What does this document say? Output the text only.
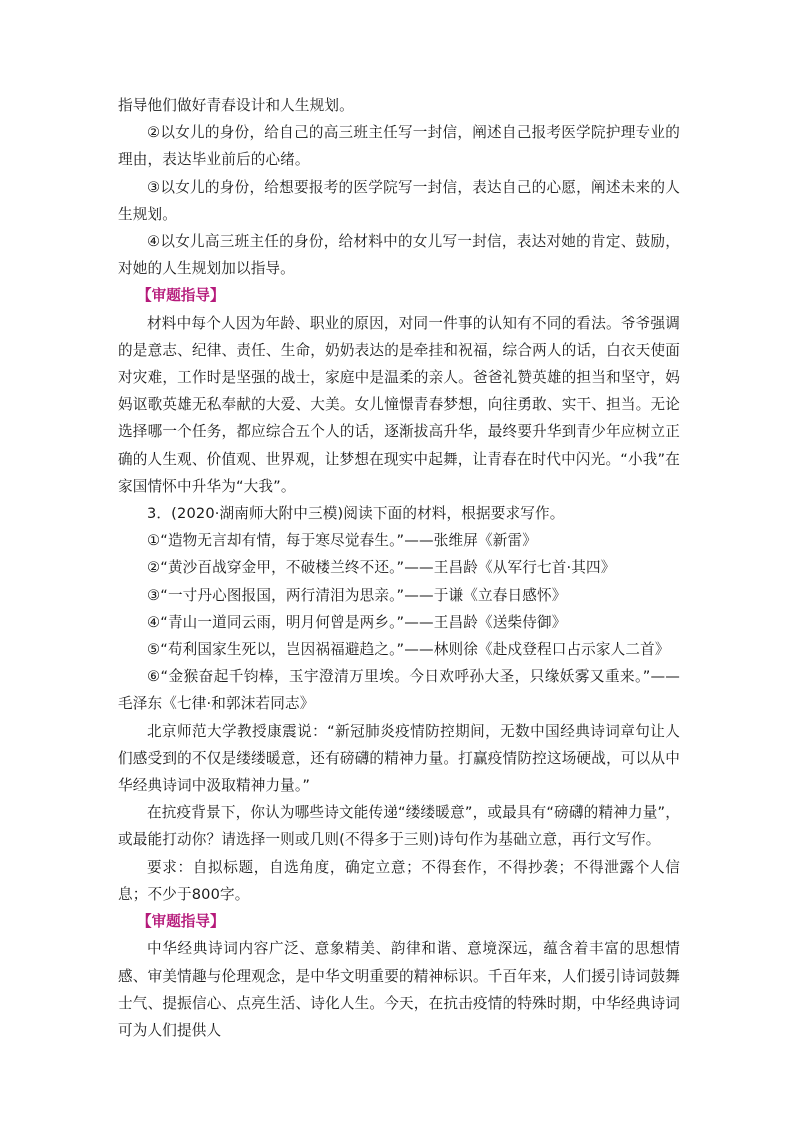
指导他们做好青春设计和人生规划。

②以女儿的身份，给自己的高三班主任写一封信，阐述自己报考医学院护理专业的理由，表达毕业前后的心绪。

③以女儿的身份，给想要报考的医学院写一封信，表达自己的心愿，阐述未来的人生规划。

④以女儿高三班主任的身份，给材料中的女儿写一封信，表达对她的肯定、鼓励，对她的人生规划加以指导。

【审题指导】

材料中每个人因为年龄、职业的原因，对同一件事的认知有不同的看法。爷爷强调的是意志、纪律、责任、生命，奶奶表达的是牵挂和祝福，综合两人的话，白衣天使面对灾难，工作时是坚强的战士，家庭中是温柔的亲人。爸爸礼赞英雄的担当和坚守，妈妈讴歌英雄无私奉献的大爱、大美。女儿憧憬青春梦想，向往勇敢、实干、担当。无论选择哪一个任务，都应综合五个人的话，逐渐拔高升华，最终要升华到青少年应树立正确的人生观、价值观、世界观，让梦想在现实中起舞，让青春在时代中闪光。“小我”在家国情怀中升华为“大我”。

3．(2020·湖南师大附中三模)阅读下面的材料，根据要求写作。

①“造物无言却有情，每于寒尽觉春生。”——张维屏《新雷》

②“黄沙百战穿金甲，不破楼兰终不还。”——王昌龄《从军行七首·其四》

③“一寸丹心图报国，两行清泪为思亲。”——于谦《立春日感怀》

④“青山一道同云雨，明月何曾是两乡。”——王昌龄《送柴侍御》

⑤“苟利国家生死以，岂因祸福避趋之。”——林则徐《赴戍登程口占示家人二首》

⑥“金猴奋起千钧棒，玉宇澄清万里埃。今日欢呼孙大圣，只缘妖雾又重来。”——毛泽东《七律·和郭沫若同志》

北京师范大学教授康震说：“新冠肺炎疫情防控期间，无数中国经典诗词章句让人们感受到的不仅是缕缕暖意，还有磅礴的精神力量。打赢疫情防控这场硬战，可以从中华经典诗词中汲取精神力量。”

在抗疫背景下，你认为哪些诗文能传递“缕缕暖意”，或最具有“磅礴的精神力量”，或最能打动你？请选择一则或几则(不得多于三则)诗句作为基础立意，再行文写作。

要求：自拟标题，自选角度，确定立意；不得套作，不得抄袭；不得泄露个人信息；不少于800字。

【审题指导】

中华经典诗词内容广泛、意象精美、韵律和谐、意境深远，蕴含着丰富的思想情感、审美情趣与伦理观念，是中华文明重要的精神标识。千百年来，人们援引诗词鼓舞士气、提振信心、点亮生活、诗化人生。今天，在抗击疫情的特殊时期，中华经典诗词可为人们提供人
